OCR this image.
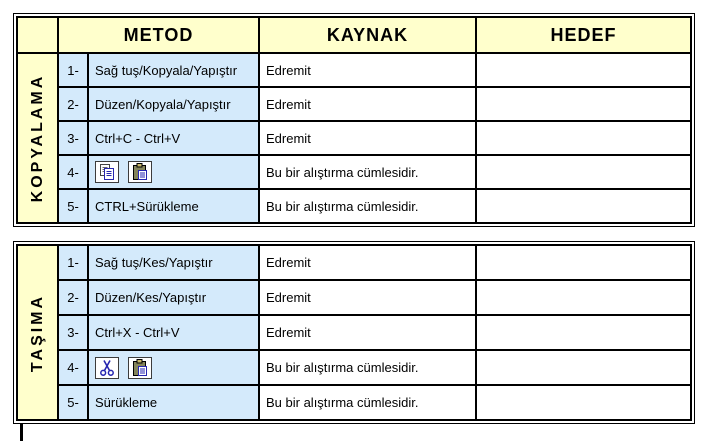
	METOD		KAYNAK	HEDEF

KOPYALAMA	1-	Sağ tuş/Kopyala/Yapıştır	Edremit	
	2-	Düzen/Kopyala/Yapıştır	Edremit	
	3-	Ctrl+C - Ctrl+V	Edremit	
	4-		Bu bir alıştırma cümlesidir.	
	5-	CTRL+Sürükleme	Bu bir alıştırma cümlesidir.	
TAŞIMA	1-	Sağ tuş/Kes/Yapıştır	Edremit	
	2-	Düzen/Kes/Yapıştır	Edremit	
	3-	Ctrl+X - Ctrl+V	Edremit	
	4-		Bu bir alıştırma cümlesidir.	
	5-	Sürükleme	Bu bir alıştırma cümlesidir.	
